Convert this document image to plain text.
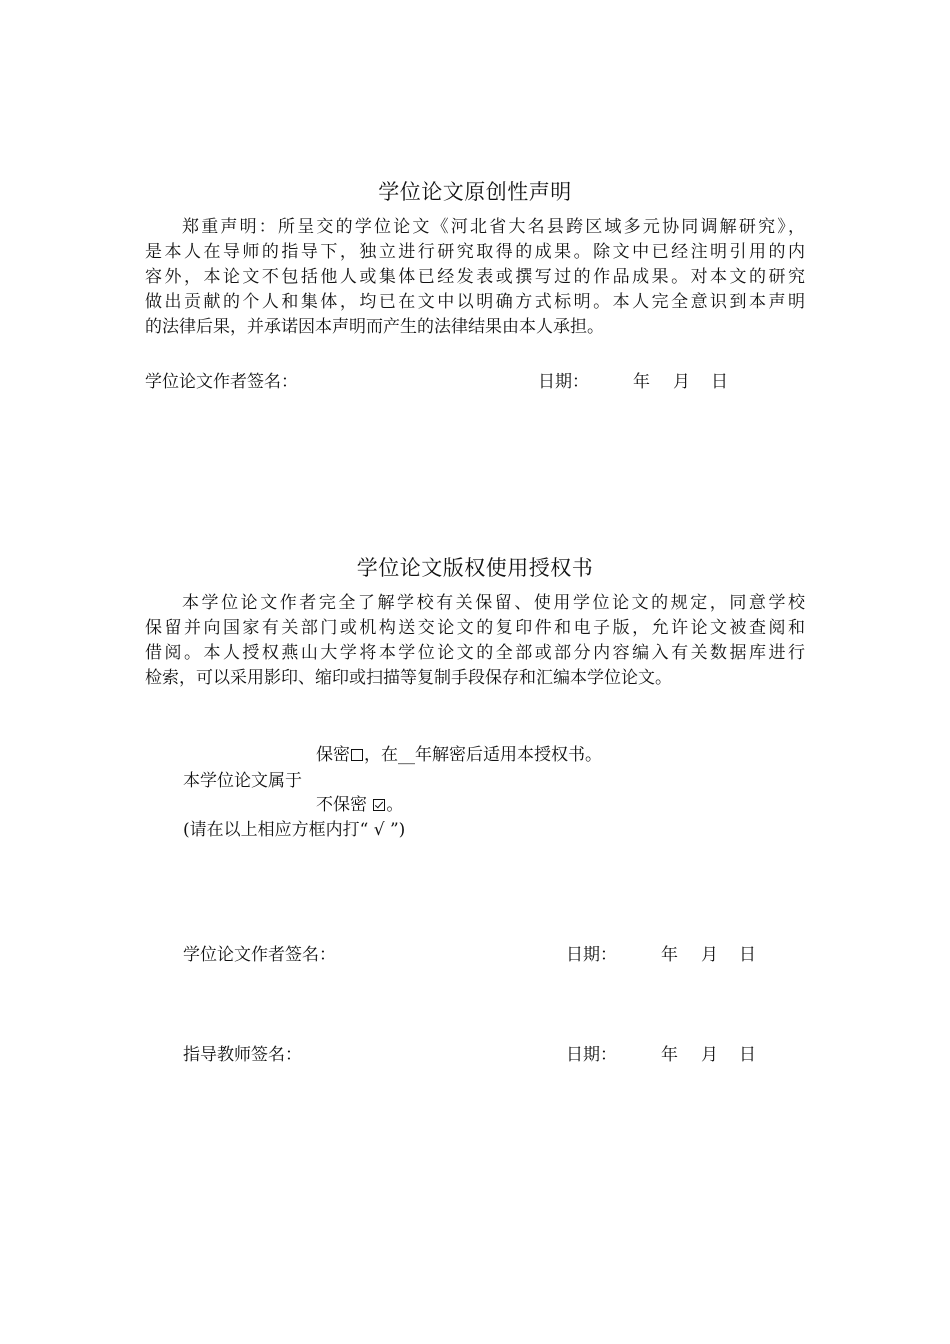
学位论文原创性声明
郑重声明：所呈交的学位论文《河北省大名县跨区域多元协同调解研究》，
是本人在导师的指导下，独立进行研究取得的成果。除文中已经注明引用的内
容外，本论文不包括他人或集体已经发表或撰写过的作品成果。对本文的研究
做出贡献的个人和集体，均已在文中以明确方式标明。本人完全意识到本声明
的法律后果，并承诺因本声明而产生的法律结果由本人承担。
学位论文作者签名：	日期：	年 月 日
学位论文版权使用授权书
本学位论文作者完全了解学校有关保留、使用学位论文的规定，同意学校
保留并向国家有关部门或机构送交论文的复印件和电子版，允许论文被查阅和
借阅。本人授权燕山大学将本学位论文的全部或部分内容编入有关数据库进行
检索，可以采用影印、缩印或扫描等复制手段保存和汇编本学位论文。
保密 ，在__年解密后适用本授权书。
本学位论文属于
不保密 。
(请在以上相应方框内打“ √ ”)
学位论文作者签名：	日期：	年 月 日
指导教师签名：	日期：	年 月 日
